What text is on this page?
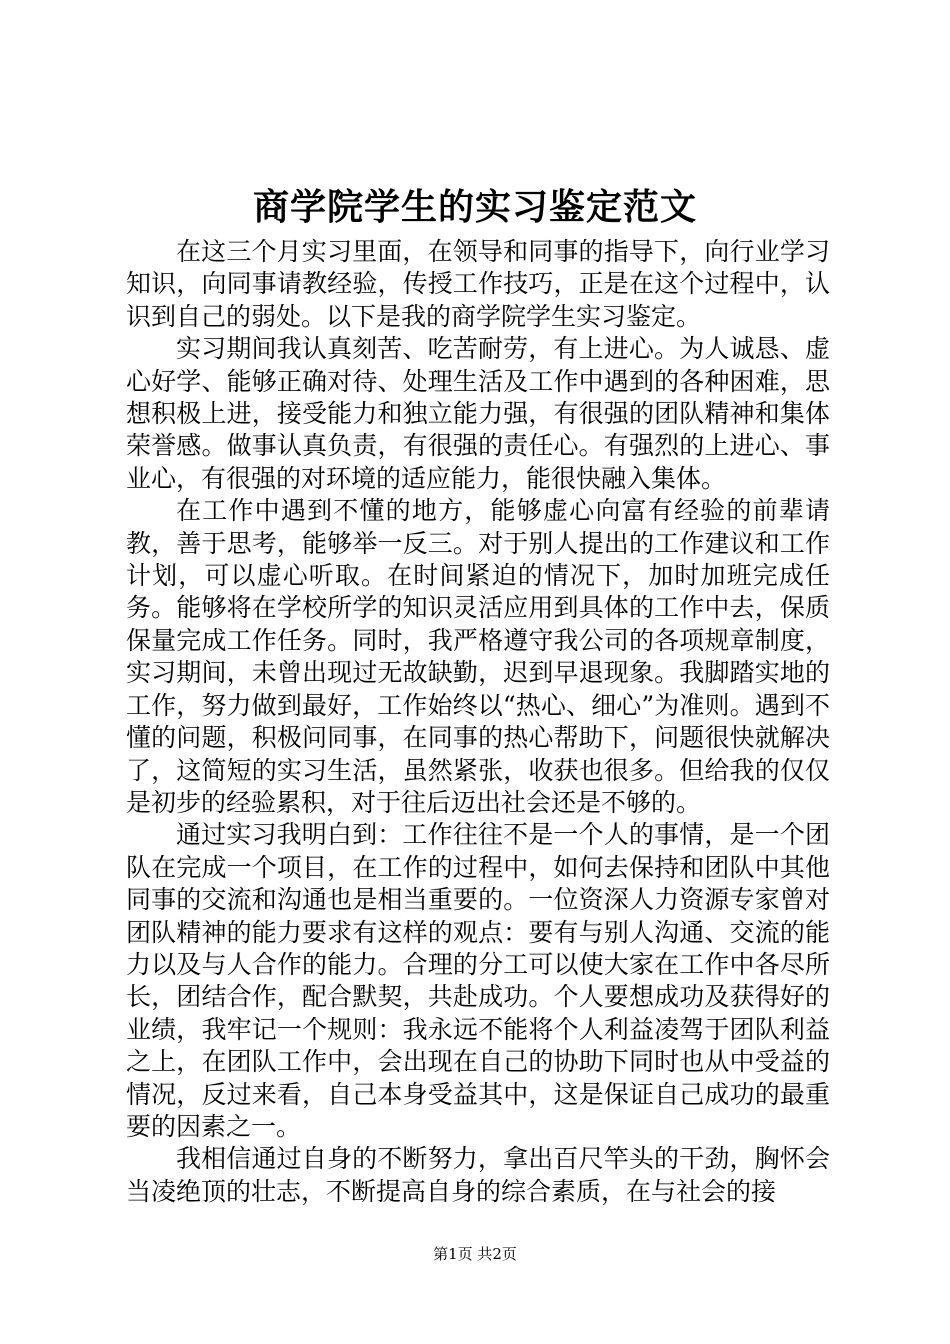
商学院学生的实习鉴定范文

在这三个月实习里面，在领导和同事的指导下，向行业学习知识，向同事请教经验，传授工作技巧，正是在这个过程中，认识到自己的弱处。以下是我的商学院学生实习鉴定。

实习期间我认真刻苦、吃苦耐劳，有上进心。为人诚恳、虚心好学、能够正确对待、处理生活及工作中遇到的各种困难，思想积极上进，接受能力和独立能力强，有很强的团队精神和集体荣誉感。做事认真负责，有很强的责任心。有强烈的上进心、事业心，有很强的对环境的适应能力，能很快融入集体。

在工作中遇到不懂的地方，能够虚心向富有经验的前辈请教，善于思考，能够举一反三。对于别人提出的工作建议和工作计划，可以虚心听取。在时间紧迫的情况下，加时加班完成任务。能够将在学校所学的知识灵活应用到具体的工作中去，保质保量完成工作任务。同时，我严格遵守我公司的各项规章制度，实习期间，未曾出现过无故缺勤，迟到早退现象。我脚踏实地的工作，努力做到最好，工作始终以“热心、细心”为准则。遇到不懂的问题，积极问同事，在同事的热心帮助下，问题很快就解决了，这简短的实习生活，虽然紧张，收获也很多。但给我的仅仅是初步的经验累积，对于往后迈出社会还是不够的。

通过实习我明白到：工作往往不是一个人的事情，是一个团队在完成一个项目，在工作的过程中，如何去保持和团队中其他同事的交流和沟通也是相当重要的。一位资深人力资源专家曾对团队精神的能力要求有这样的观点：要有与别人沟通、交流的能力以及与人合作的能力。合理的分工可以使大家在工作中各尽所长，团结合作，配合默契，共赴成功。个人要想成功及获得好的业绩，我牢记一个规则：我永远不能将个人利益凌驾于团队利益之上，在团队工作中，会出现在自己的协助下同时也从中受益的情况，反过来看，自己本身受益其中，这是保证自己成功的最重要的因素之一。

我相信通过自身的不断努力，拿出百尺竿头的干劲，胸怀会当凌绝顶的壮志，不断提高自身的综合素质，在与社会的接

第1页 共2页
